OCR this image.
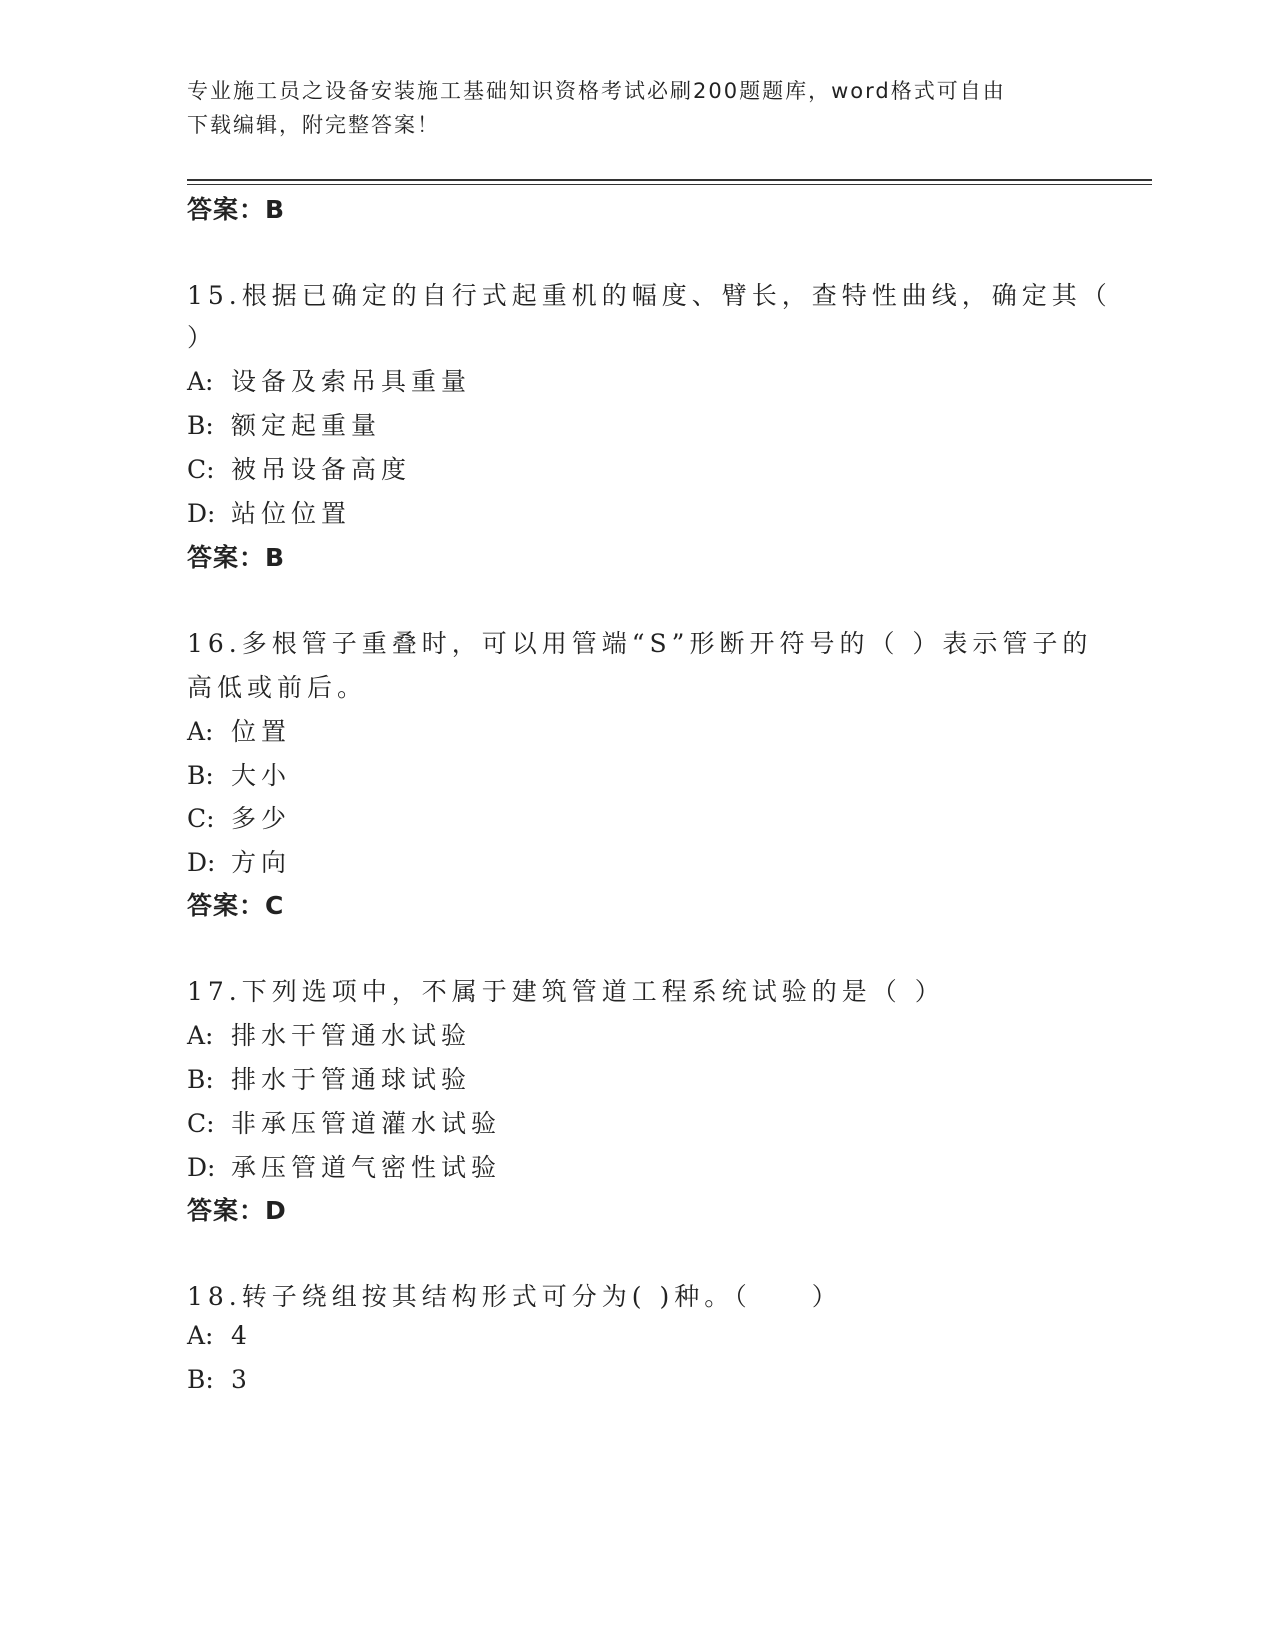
专业施工员之设备安装施工基础知识资格考试必刷200题题库，word格式可自由
下载编辑，附完整答案！
答案：B
15.根据已确定的自行式起重机的幅度、臂长，查特性曲线，确定其（
）
A: 设备及索吊具重量
B: 额定起重量
C: 被吊设备高度
D: 站位位置
答案：B
16.多根管子重叠时，可以用管端“S”形断开符号的（ ）表示管子的
高低或前后。
A: 位置
B: 大小
C: 多少
D: 方向
答案：C
17.下列选项中，不属于建筑管道工程系统试验的是（ ）
A: 排水干管通水试验
B: 排水于管通球试验
C: 非承压管道灌水试验
D: 承压管道气密性试验
答案：D
18.转子绕组按其结构形式可分为( )种。（　　）
A: 4
B: 3
